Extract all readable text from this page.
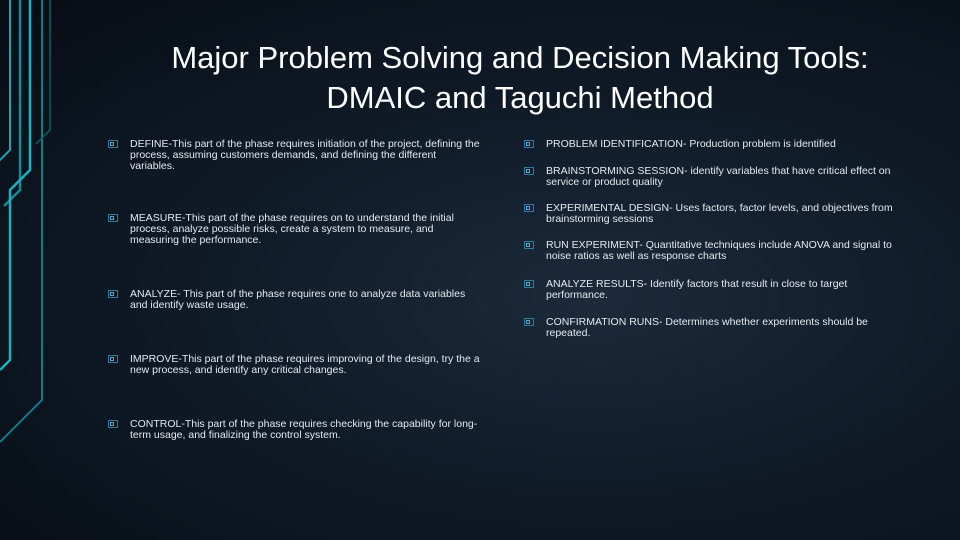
Major Problem Solving and Decision Making Tools:
DMAIC and Taguchi Method
DEFINE-This part of the phase requires initiation of the project, defining the process, assuming customers demands, and defining the different variables.
MEASURE-This part of the phase requires on to understand the initial process, analyze possible risks, create a system to measure, and measuring the performance.
ANALYZE- This part of the phase requires one to analyze data variables and identify waste usage.
IMPROVE-This part of the phase requires improving of the design, try the a new process, and identify any critical changes.
CONTROL-This part of the phase requires checking the capability for long-term usage, and finalizing the control system.
PROBLEM IDENTIFICATION- Production problem is identified
BRAINSTORMING SESSION- identify variables that have critical effect on service or product quality
EXPERIMENTAL DESIGN- Uses factors, factor levels, and objectives from brainstorming sessions
RUN EXPERIMENT- Quantitative techniques include ANOVA and signal to noise ratios as well as response charts
ANALYZE RESULTS- Identify factors that result in close to target performance.
CONFIRMATION RUNS- Determines whether experiments should be repeated.
